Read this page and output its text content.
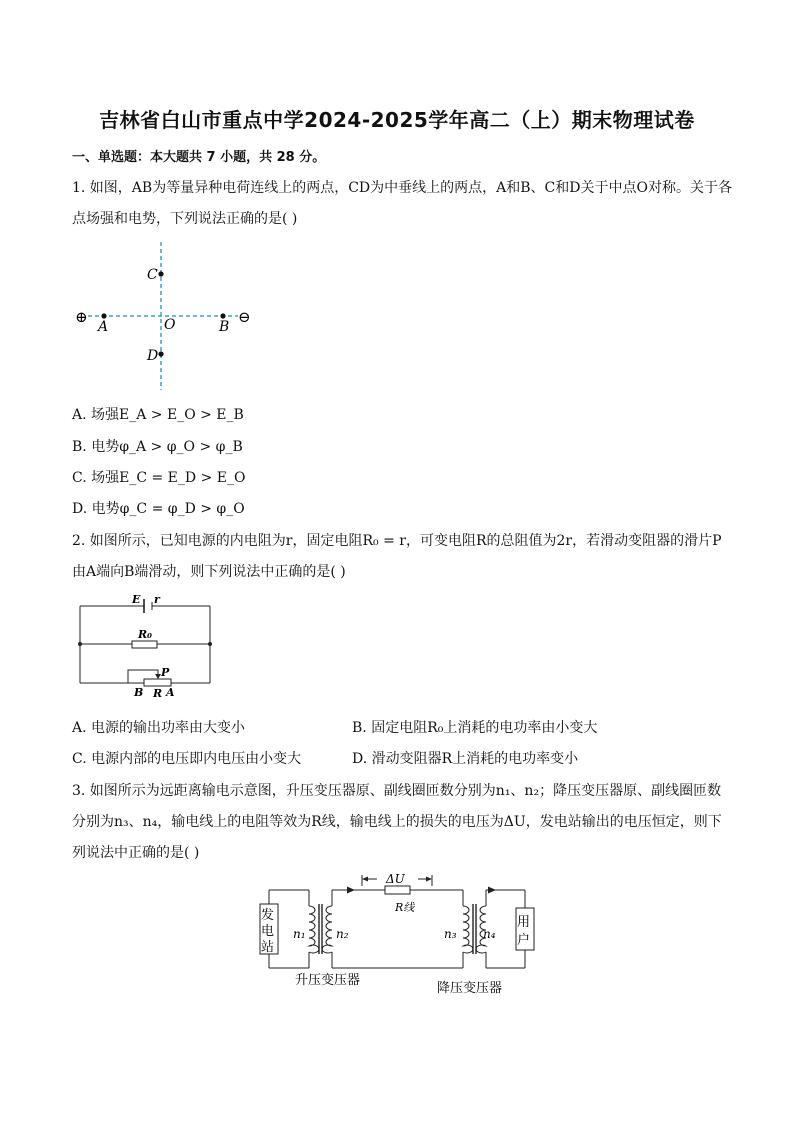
吉林省白山市重点中学2024-2025学年高二（上）期末物理试卷
一、单选题：本大题共 7 小题，共 28 分。
1. 如图，AB为等量异种电荷连线上的两点，CD为中垂线上的两点，A和B、C和D关于中点O对称。关于各
点场强和电势，下列说法正确的是( )
⊕	⊖
A	B
C
D
O
A. 场强E_A > E_O > E_B
B. 电势φ_A > φ_O > φ_B
C. 场强E_C = E_D > E_O
D. 电势φ_C = φ_D > φ_O
2. 如图所示，已知电源的内电阻为r，固定电阻R₀ = r，可变电阻R的总阻值为2r，若滑动变阻器的滑片P
由A端向B端滑动，则下列说法中正确的是( )
E r
R₀
P
B R A
A. 电源的输出功率由大变小	B. 固定电阻R₀上消耗的电功率由小变大
C. 电源内部的电压即内电压由小变大	D. 滑动变阻器R上消耗的电功率变小
3. 如图所示为远距离输电示意图，升压变压器原、副线圈匝数分别为n₁、n₂；降压变压器原、副线圈匝数
分别为n₃、n₄，输电线上的电阻等效为R线，输电线上的损失的电压为ΔU，发电站输出的电压恒定，则下
列说法中正确的是( )
发
电
站
用
户
n₁	n₂	n₃ n₄
ΔU
R线
升压变压器
降压变压器
